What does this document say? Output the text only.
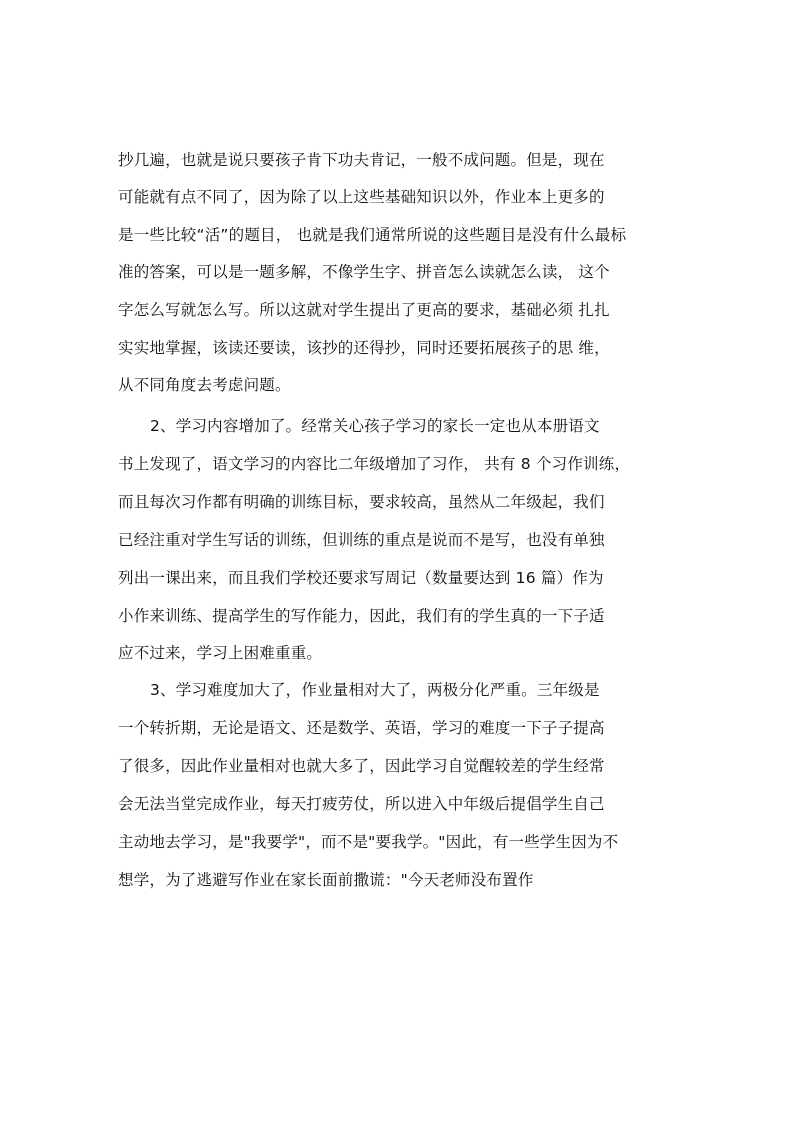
抄几遍，也就是说只要孩子肯下功夫肯记，一般不成问题。但是，现在
可能就有点不同了，因为除了以上这些基础知识以外，作业本上更多的
是一些比较“活”的题目， 也就是我们通常所说的这些题目是没有什么最标
准的答案，可以是一题多解，不像学生字、拼音怎么读就怎么读， 这个
字怎么写就怎么写。所以这就对学生提出了更高的要求，基础必须 扎扎
实实地掌握，该读还要读，该抄的还得抄，同时还要拓展孩子的思 维，
从不同角度去考虑问题。
2、学习内容增加了。经常关心孩子学习的家长一定也从本册语文
书上发现了，语文学习的内容比二年级增加了习作， 共有 8 个习作训练，
而且每次习作都有明确的训练目标，要求较高，虽然从二年级起，我们
已经注重对学生写话的训练，但训练的重点是说而不是写，也没有单独
列出一课出来，而且我们学校还要求写周记（数量要达到 16 篇）作为
小作来训练、提高学生的写作能力，因此，我们有的学生真的一下子适
应不过来，学习上困难重重。
3、学习难度加大了，作业量相对大了，两极分化严重。三年级是
一个转折期，无论是语文、还是数学、英语，学习的难度一下子子提高
了很多，因此作业量相对也就大多了，因此学习自觉醒较差的学生经常
会无法当堂完成作业，每天打疲劳仗，所以进入中年级后提倡学生自己
主动地去学习，是"我要学"，而不是"要我学。"因此，有一些学生因为不
想学，为了逃避写作业在家长面前撒谎："今天老师没布置作
